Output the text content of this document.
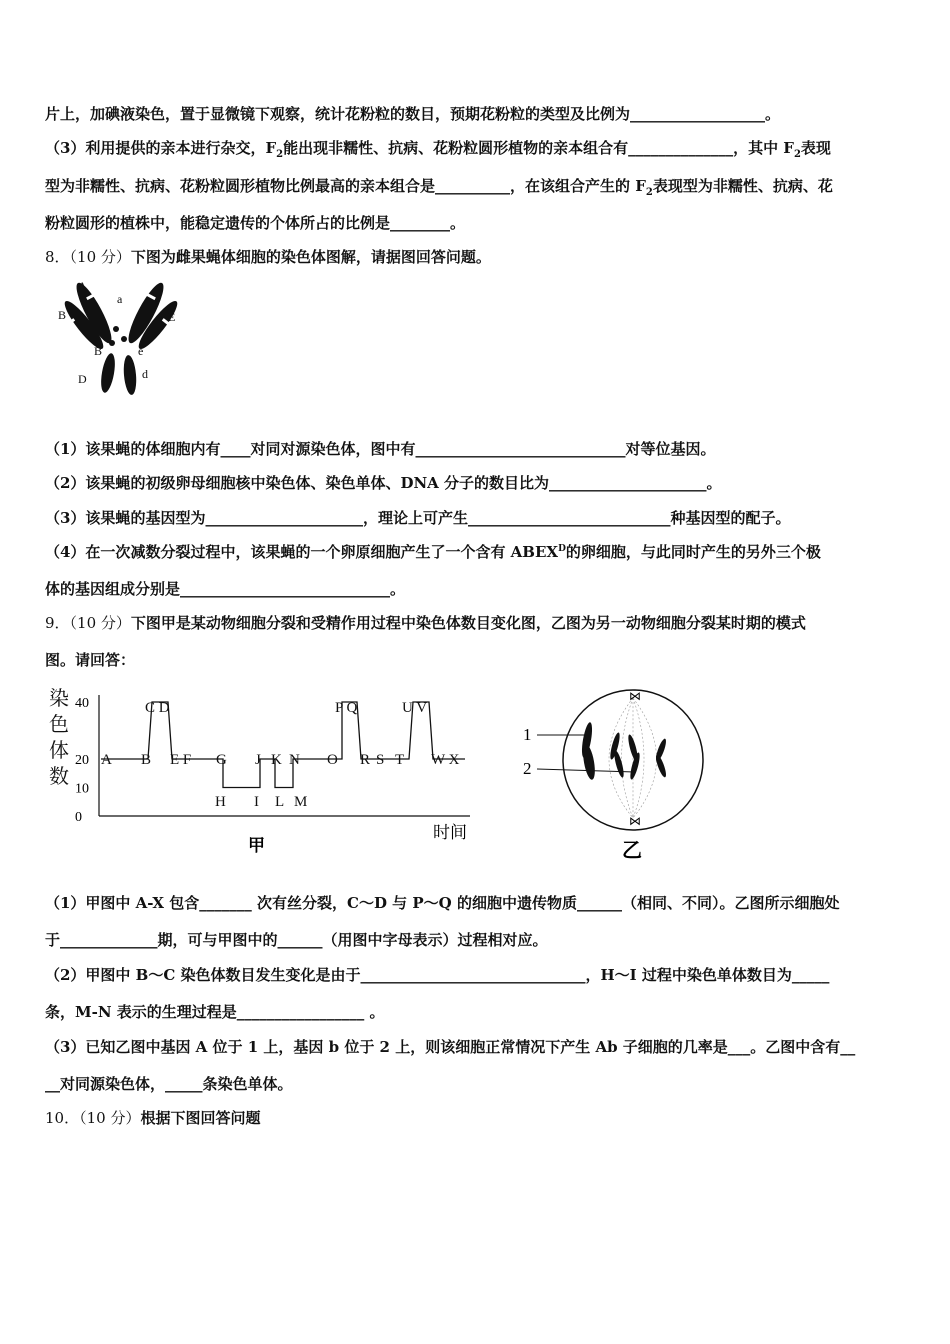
片上，加碘液染色，置于显微镜下观察，统计花粉粒的数目，预期花粉粒的类型及比例为__________________。
（3）利用提供的亲本进行杂交，$F_2$能出现非糯性、抗病、花粉粒圆形植物的亲本组合有______________，其中 $F_2$表现
型为非糯性、抗病、花粉粒圆形植物比例最高的亲本组合是__________，在该组合产生的 $F_2$表现型为非糯性、抗病、花
粉粒圆形的植株中，能稳定遗传的个体所占的比例是________。
8．（10 分）下图为雌果蝇体细胞的染色体图解，请据图回答问题。
A
a
B	E
B	e
D	d
（1）该果蝇的体细胞内有____对同对源染色体，图中有____________________________对等位基因。
（2）该果蝇的初级卵母细胞核中染色体、染色单体、DNA 分子的数目比为_____________________。
（3）该果蝇的基因型为_____________________，理论上可产生___________________________种基因型的配子。
（4）在一次减数分裂过程中，该果蝇的一个卵原细胞产生了一个含有 $ABEX^D$的卵细胞，与此同时产生的另外三个极
体的基因组成分别是____________________________。
9．（10 分）下图甲是某动物细胞分裂和受精作用过程中染色体数目变化图，乙图为另一动物细胞分裂某时期的模式
图。请回答：
染
色
体
数
0
10
20
40
A B
C D
E F G
H I
J K
L M
N O
P Q
R S T
U V
W X
时间
甲
⋈
⋈
1
2
乙
（1）甲图中 A-X 包含_______ 次有丝分裂，C～D 与 P～Q 的细胞中遗传物质______（相同、不同）。乙图所示细胞处
于_____________期，可与甲图中的______（用图中字母表示）过程相对应。
（2）甲图中 B～C 染色体数目发生变化是由于______________________________，H～I 过程中染色单体数目为_____
条，M-N 表示的生理过程是_________________ 。
（3）已知乙图中基因 A 位于 1 上，基因 b 位于 2 上，则该细胞正常情况下产生 Ab 子细胞的几率是___。乙图中含有__
__对同源染色体，_____条染色单体。
10．（10 分）根据下图回答问题
